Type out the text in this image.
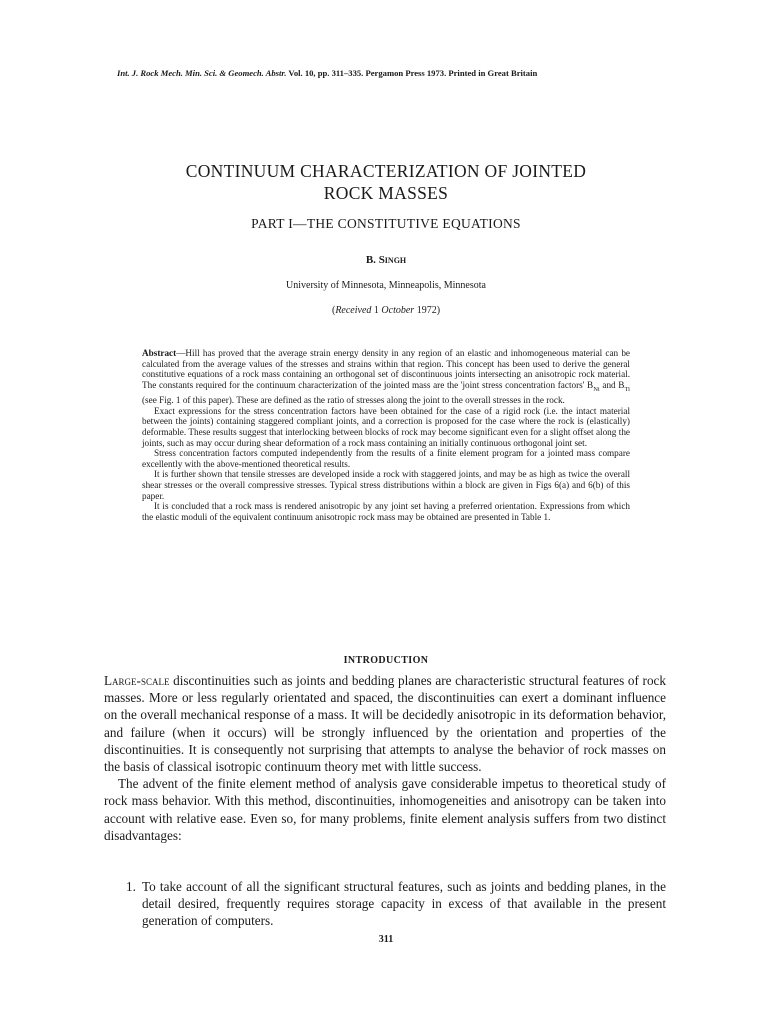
Int. J. Rock Mech. Min. Sci. & Geomech. Abstr. Vol. 10, pp. 311–335. Pergamon Press 1973. Printed in Great Britain
CONTINUUM CHARACTERIZATION OF JOINTED
ROCK MASSES
PART I—THE CONSTITUTIVE EQUATIONS
B. Singh
University of Minnesota, Minneapolis, Minnesota
(Received 1 October 1972)

Abstract—Hill has proved that the average strain energy density in any region of an elastic and inhomogeneous material can be calculated from the average values of the stresses and strains within that region. This concept has been used to derive the general constitutive equations of a rock mass containing an orthogonal set of discontinuous joints intersecting an anisotropic rock material. The constants required for the continuum characterization of the jointed mass are the 'joint stress concentration factors' $B_{Ni}$ and $B_{Ti}$ (see Fig. 1 of this paper). These are defined as the ratio of stresses along the joint to the overall stresses in the rock.

Exact expressions for the stress concentration factors have been obtained for the case of a rigid rock (i.e. the intact material between the joints) containing staggered compliant joints, and a correction is proposed for the case where the rock is (elastically) deformable. These results suggest that interlocking between blocks of rock may become significant even for a slight offset along the joints, such as may occur during shear deformation of a rock mass containing an initially continuous orthogonal joint set.

Stress concentration factors computed independently from the results of a finite element program for a jointed mass compare excellently with the above-mentioned theoretical results.

It is further shown that tensile stresses are developed inside a rock with staggered joints, and may be as high as twice the overall shear stresses or the overall compressive stresses. Typical stress distributions within a block are given in Figs 6(a) and 6(b) of this paper.

It is concluded that a rock mass is rendered anisotropic by any joint set having a preferred orientation. Expressions from which the elastic moduli of the equivalent continuum anisotropic rock mass may be obtained are presented in Table 1.

INTRODUCTION

Large-scale discontinuities such as joints and bedding planes are characteristic structural features of rock masses. More or less regularly orientated and spaced, the discontinuities can exert a dominant influence on the overall mechanical response of a mass. It will be decidedly anisotropic in its deformation behavior, and failure (when it occurs) will be strongly influenced by the orientation and properties of the discontinuities. It is consequently not surprising that attempts to analyse the behavior of rock masses on the basis of classical isotropic continuum theory met with little success.

The advent of the finite element method of analysis gave considerable impetus to theoretical study of rock mass behavior. With this method, discontinuities, inhomogeneities and anisotropy can be taken into account with relative ease. Even so, for many problems, finite element analysis suffers from two distinct disadvantages:

1. To take account of all the significant structural features, such as joints and bedding planes, in the detail desired, frequently requires storage capacity in excess of that available in the present generation of computers.
311
